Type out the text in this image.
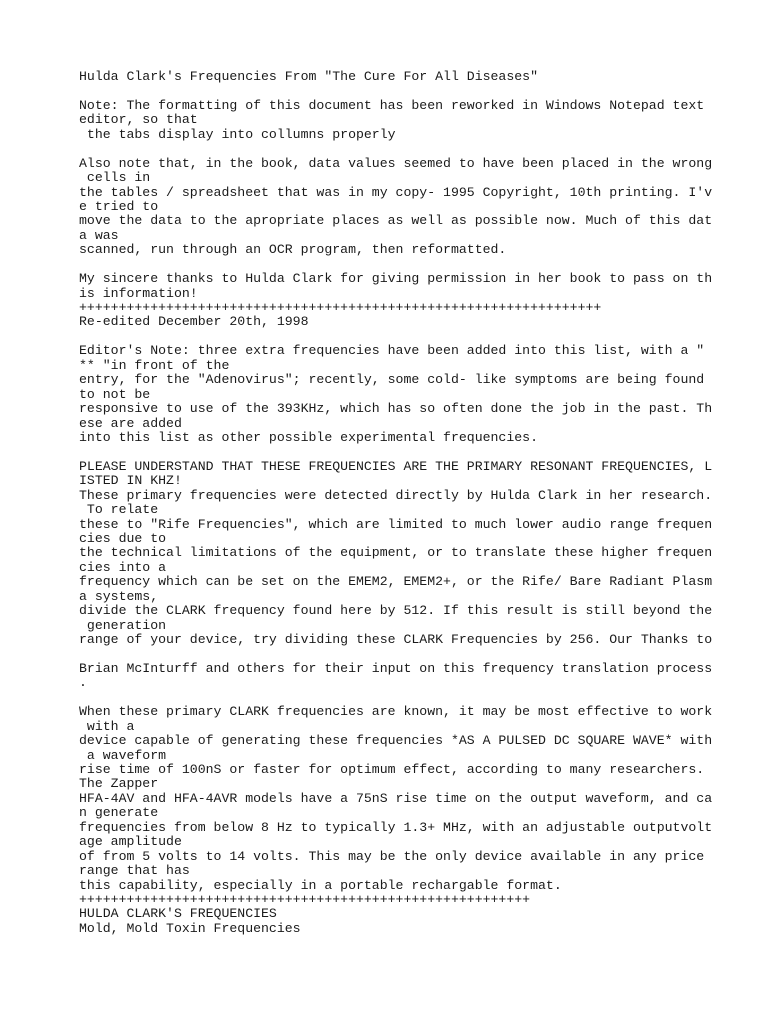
Hulda Clark's Frequencies From "The Cure For All Diseases"
Note: The formatting of this document has been reworked in Windows Notepad text
editor, so that
the tabs display into collumns properly
Also note that, in the book, data values seemed to have been placed in the wrong
cells in
the tables / spreadsheet that was in my copy- 1995 Copyright, 10th printing. I'v
e tried to
move the data to the apropriate places as well as possible now. Much of this dat
a was
scanned, run through an OCR program, then reformatted.
My sincere thanks to Hulda Clark for giving permission in her book to pass on th
is information!
++++++++++++++++++++++++++++++++++++++++++++++++++++++++++++++++++
Re-edited December 20th, 1998
Editor's Note: three extra frequencies have been added into this list, with a "
** "in front of the
entry, for the "Adenovirus"; recently, some cold- like symptoms are being found
to not be
responsive to use of the 393KHz, which has so often done the job in the past. Th
ese are added
into this list as other possible experimental frequencies.
PLEASE UNDERSTAND THAT THESE FREQUENCIES ARE THE PRIMARY RESONANT FREQUENCIES, L
ISTED IN KHZ!
These primary frequencies were detected directly by Hulda Clark in her research.
To relate
these to "Rife Frequencies", which are limited to much lower audio range frequen
cies due to
the technical limitations of the equipment, or to translate these higher frequen
cies into a
frequency which can be set on the EMEM2, EMEM2+, or the Rife/ Bare Radiant Plasm
a systems,
divide the CLARK frequency found here by 512. If this result is still beyond the
generation
range of your device, try dividing these CLARK Frequencies by 256. Our Thanks to
Brian McInturff and others for their input on this frequency translation process
.
When these primary CLARK frequencies are known, it may be most effective to work
with a
device capable of generating these frequencies *AS A PULSED DC SQUARE WAVE* with
a waveform
rise time of 100nS or faster for optimum effect, according to many researchers.
The Zapper
HFA-4AV and HFA-4AVR models have a 75nS rise time on the output waveform, and ca
n generate
frequencies from below 8 Hz to typically 1.3+ MHz, with an adjustable outputvolt
age amplitude
of from 5 volts to 14 volts. This may be the only device available in any price
range that has
this capability, especially in a portable rechargable format.
+++++++++++++++++++++++++++++++++++++++++++++++++++++++++
HULDA CLARK'S FREQUENCIES
Mold, Mold Toxin Frequencies
